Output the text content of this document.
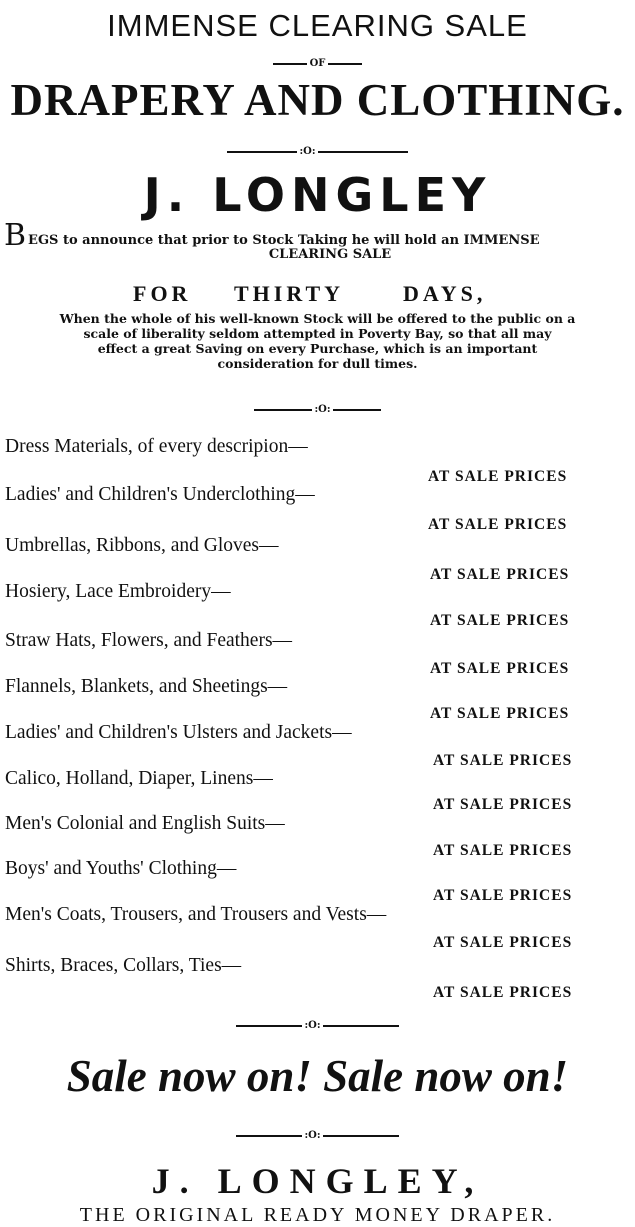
IMMENSE CLEARING SALE
OF
DRAPERY AND CLOTHING.
:O:
J. LONGLEY
B EGS to announce that prior to Stock Taking he will hold an IMMENSE
CLEARING SALE
FOR THIRTY	DAYS,
When the whole of his well-known Stock will be offered to the public on a
scale of liberality seldom attempted in Poverty Bay, so that all may
effect a great Saving on every Purchase, which is an important
consideration for dull times.
:O:
Dress Materials, of every descripion—
AT SALE PRICES
Ladies' and Children's Underclothing—
AT SALE PRICES
Umbrellas, Ribbons, and Gloves—
AT SALE PRICES
Hosiery, Lace Embroidery—
AT SALE PRICES
Straw Hats, Flowers, and Feathers—
AT SALE PRICES
Flannels, Blankets, and Sheetings—
AT SALE PRICES
Ladies' and Children's Ulsters and Jackets—
AT SALE PRICES
Calico, Holland, Diaper, Linens—
AT SALE PRICES
Men's Colonial and English Suits—
AT SALE PRICES
Boys' and Youths' Clothing—
AT SALE PRICES
Men's Coats, Trousers, and Trousers and Vests—
AT SALE PRICES
Shirts, Braces, Collars, Ties—
AT SALE PRICES
:O:
Sale now on! Sale now on!
:O:
J. LONGLEY,
THE ORIGINAL READY MONEY DRAPER.
